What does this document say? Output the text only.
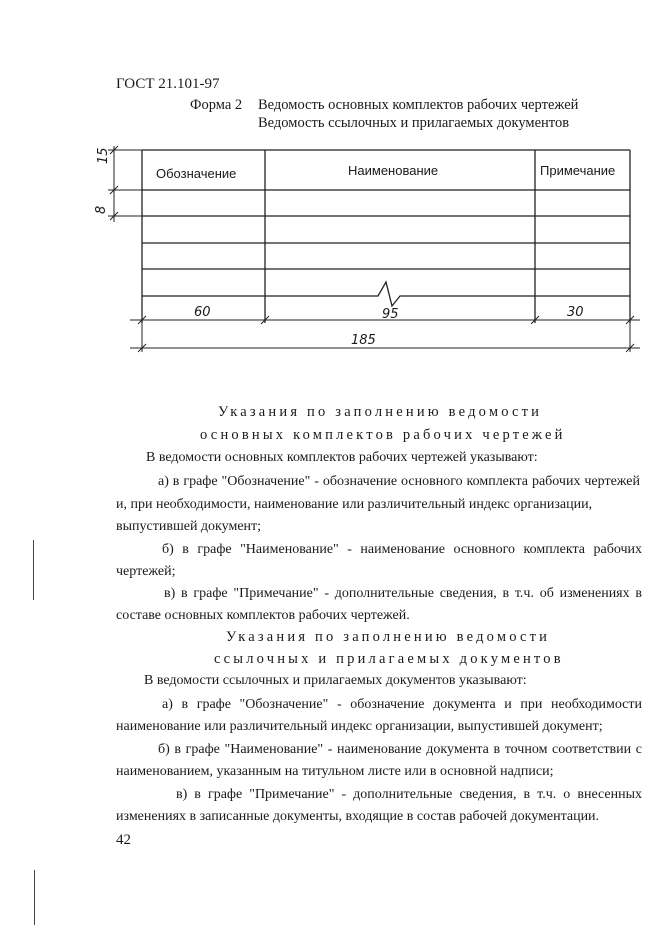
ГОСТ 21.101-97
Форма 2 Ведомость основных комплектов рабочих чертежей
Ведомость ссылочных и прилагаемых документов
Обозначение	Наименование	Примечание
15
8
60	95	30
185
Указания по заполнению ведомости
основных комплектов рабочих чертежей
В ведомости основных комплектов рабочих чертежей указывают:
а) в графе "Обозначение" - обозначение основного комплекта рабочих чертежей
и, при необходимости, наименование или различительный индекс организации,
выпустившей документ;
б) в графе "Наименование" - наименование основного комплекта рабочих
чертежей;
в) в графе "Примечание" - дополнительные сведения, в т.ч. об изменениях в
составе основных комплектов рабочих чертежей.
Указания по заполнению ведомости
ссылочных и прилагаемых документов
В ведомости ссылочных и прилагаемых документов указывают:
а) в графе "Обозначение" - обозначение документа и при необходимости
наименование или различительный индекс организации, выпустившей документ;
б) в графе "Наименование" - наименование документа в точном соответствии с
наименованием, указанным на титульном листе или в основной надписи;
в) в графе "Примечание" - дополнительные сведения, в т.ч. о внесенных
изменениях в записанные документы, входящие в состав рабочей документации.
42
